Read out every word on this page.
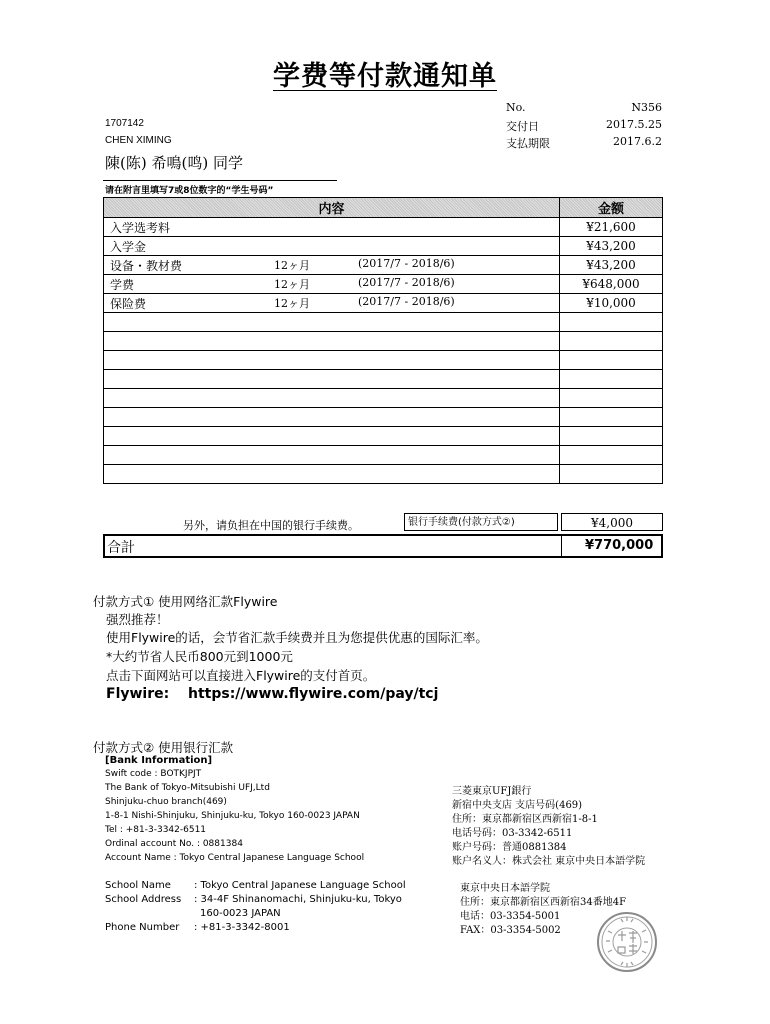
学费等付款通知单
No.	N356
交付日	2017.5.25
支払期限	2017.6.2
1707142
CHEN XIMING
陳(陈) 希鳴(鸣) 同学
请在附言里填写7或8位数字的“学生号码”
内容	金额

入学选考料	¥21,600

入学金	¥43,200

设备・教材费 12ヶ月 (2017/7 - 2018/6)	¥43,200

学费 12ヶ月 (2017/7 - 2018/6)	¥648,000

保险费 12ヶ月 (2017/7 - 2018/6)	¥10,000

另外，请负担在中国的银行手续费。	银行手续费(付款方式②)	¥4,000
合計	¥770,000
付款方式① 使用网络汇款Flywire
强烈推荐！
使用Flywire的话，会节省汇款手续费并且为您提供优惠的国际汇率。
*大约节省人民币800元到1000元
点击下面网站可以直接进入Flywire的支付首页。
Flywire: https://www.flywire.com/pay/tcj
付款方式② 使用银行汇款
[Bank Information]
Swift code : BOTKJPJT
The Bank of Tokyo-Mitsubishi UFJ,Ltd
Shinjuku-chuo branch(469)
1-8-1 Nishi-Shinjuku, Shinjuku-ku, Tokyo 160-0023 JAPAN
Tel : +81-3-3342-6511
Ordinal account No. : 0881384
Account Name : Tokyo Central Japanese Language School
三菱東京UFJ銀行
新宿中央支店 支店号码(469)
住所：東京都新宿区西新宿1-8-1
电话号码：03-3342-6511
账户号码：普通0881384
账户名义人：株式会社 東京中央日本語学院
School Name : Tokyo Central Japanese Language School
School Address : 34-4F Shinanomachi, Shinjuku-ku, Tokyo
160-0023 JAPAN
Phone Number : +81-3-3342-8001
東京中央日本語学院
住所：東京都新宿区西新宿34番地4F
电话：03-3354-5001
FAX：03-3354-5002
